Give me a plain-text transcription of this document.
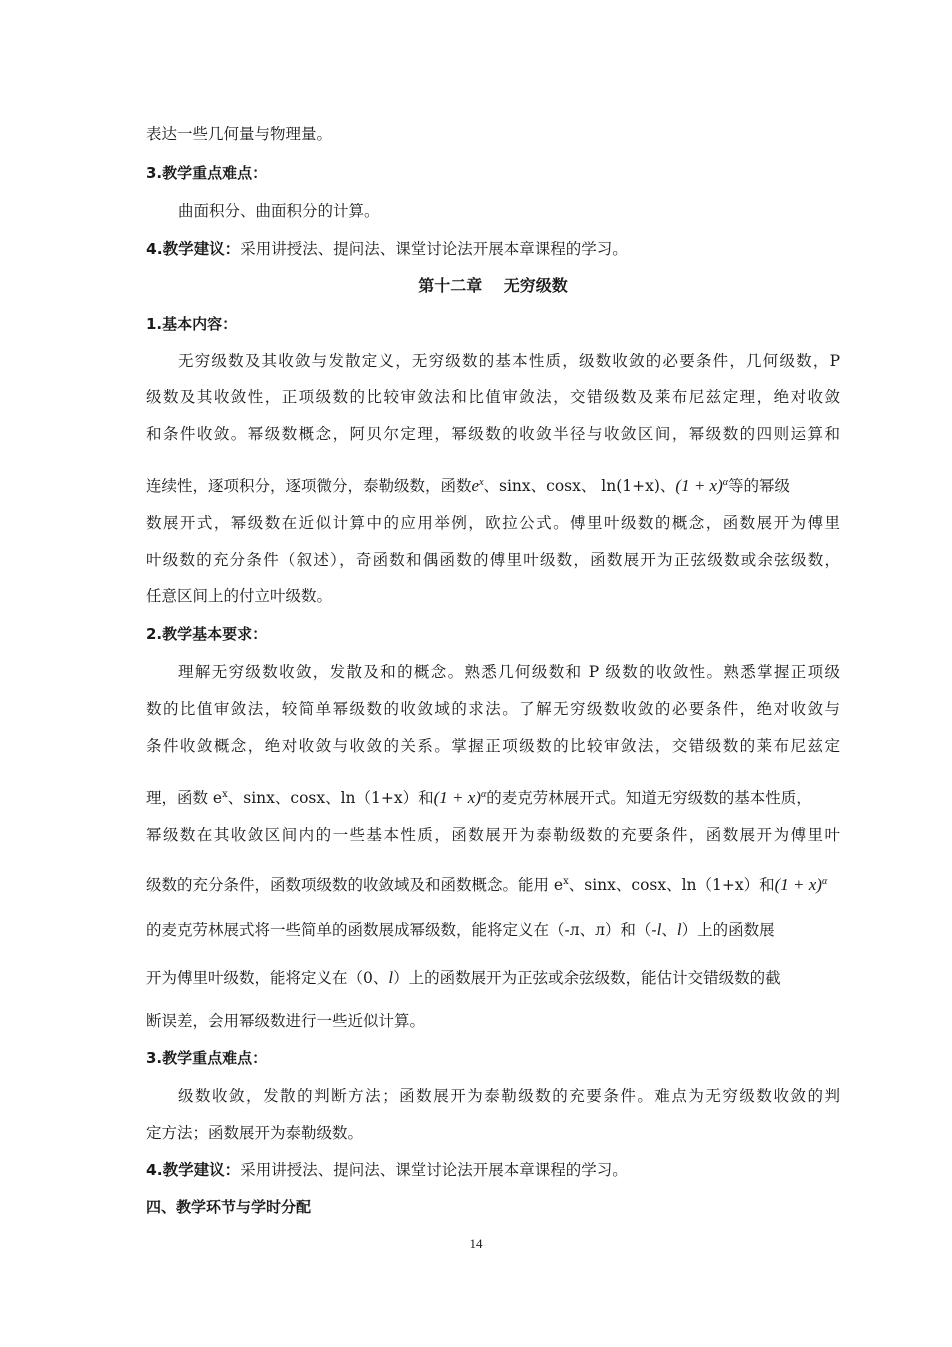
表达一些几何量与物理量。
3.教学重点难点：
曲面积分、曲面积分的计算。
4.教学建议：采用讲授法、提问法、课堂讨论法开展本章课程的学习。
第十二章　 无穷级数
1.基本内容：
无穷级数及其收敛与发散定义，无穷级数的基本性质，级数收敛的必要条件，几何级数，P
级数及其收敛性，正项级数的比较审敛法和比值审敛法，交错级数及莱布尼兹定理，绝对收敛
和条件收敛。幂级数概念，阿贝尔定理，幂级数的收敛半径与收敛区间，幂级数的四则运算和
连续性，逐项积分，逐项微分，泰勒级数，函数$e^x$、sinx、cosx、 ln(1+x)、$(1 + x)^\alpha$等的幂级
数展开式，幂级数在近似计算中的应用举例，欧拉公式。傅里叶级数的概念，函数展开为傅里
叶级数的充分条件（叙述），奇函数和偶函数的傅里叶级数，函数展开为正弦级数或余弦级数，
任意区间上的付立叶级数。
2.教学基本要求：
理解无穷级数收敛，发散及和的概念。熟悉几何级数和 P 级数的收敛性。熟悉掌握正项级
数的比值审敛法，较简单幂级数的收敛域的求法。了解无穷级数收敛的必要条件，绝对收敛与
条件收敛概念，绝对收敛与收敛的关系。掌握正项级数的比较审敛法，交错级数的莱布尼兹定
理，函数 $e^x$、sinx、cosx、ln（1+x）和$(1 + x)^\alpha$的麦克劳林展开式。知道无穷级数的基本性质，
幂级数在其收敛区间内的一些基本性质，函数展开为泰勒级数的充要条件，函数展开为傅里叶
级数的充分条件，函数项级数的收敛域及和函数概念。能用 $e^x$、sinx、cosx、ln（1+x）和$(1 + x)^\alpha$
的麦克劳林展式将一些简单的函数展成幂级数，能将定义在（-л、л）和（-l、l）上的函数展
开为傅里叶级数，能将定义在（0、l）上的函数展开为正弦或余弦级数，能估计交错级数的截
断误差，会用幂级数进行一些近似计算。
3.教学重点难点：
级数收敛，发散的判断方法；函数展开为泰勒级数的充要条件。难点为无穷级数收敛的判
定方法；函数展开为泰勒级数。
4.教学建议：采用讲授法、提问法、课堂讨论法开展本章课程的学习。
四、教学环节与学时分配
14
